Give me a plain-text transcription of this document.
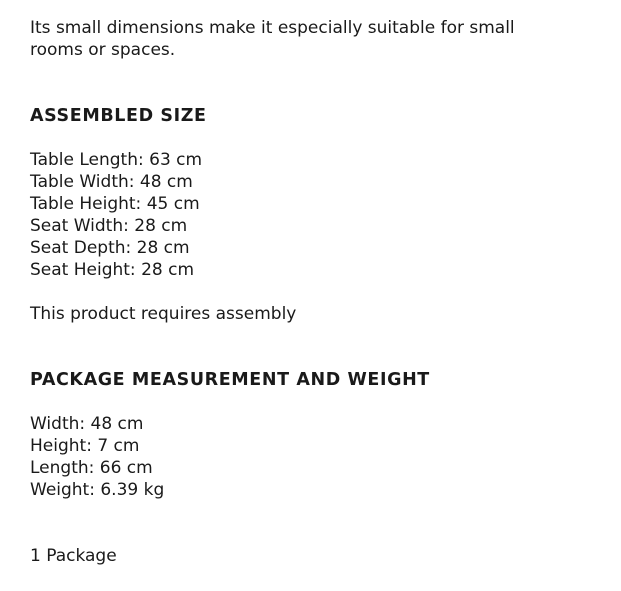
Its small dimensions make it especially suitable for small
rooms or spaces.
ASSEMBLED SIZE
Table Length: 63 cm
Table Width: 48 cm
Table Height: 45 cm
Seat Width: 28 cm
Seat Depth: 28 cm
Seat Height: 28 cm
This product requires assembly
PACKAGE MEASUREMENT AND WEIGHT
Width: 48 cm
Height: 7 cm
Length: 66 cm
Weight: 6.39 kg
1 Package
